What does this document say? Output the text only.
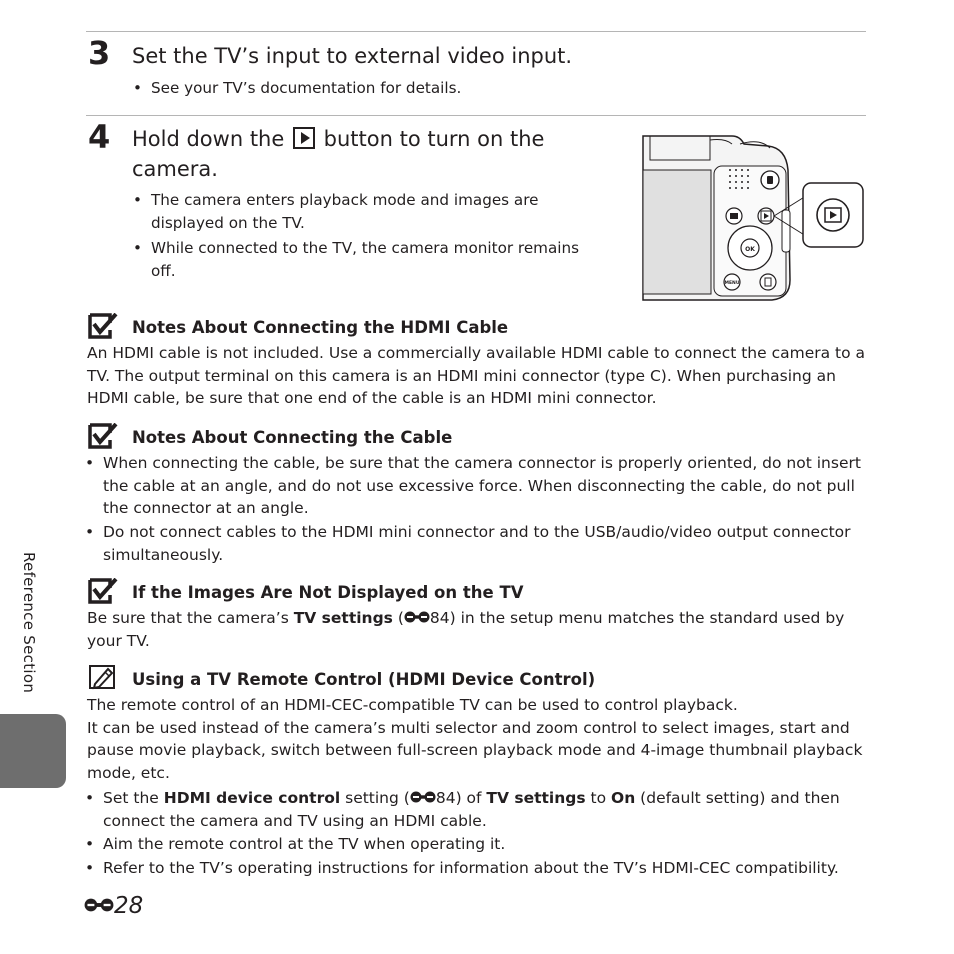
3 Set the TV’s input to external video input.
• See your TV’s documentation for details.
4 Hold down the button to turn on the
camera.
• The camera enters playback mode and images are
displayed on the TV.
• While connected to the TV, the camera monitor remains
off.
OK
MENU
Notes About Connecting the HDMI Cable
An HDMI cable is not included. Use a commercially available HDMI cable to connect the camera to a
TV. The output terminal on this camera is an HDMI mini connector (type C). When purchasing an
HDMI cable, be sure that one end of the cable is an HDMI mini connector.
Notes About Connecting the Cable
• When connecting the cable, be sure that the camera connector is properly oriented, do not insert
the cable at an angle, and do not use excessive force. When disconnecting the cable, do not pull
the connector at an angle.
• Do not connect cables to the HDMI mini connector and to the USB/audio/video output connector
simultaneously.
If the Images Are Not Displayed on the TV
Be sure that the camera’s TV settings ( 84) in the setup menu matches the standard used by
your TV.
Using a TV Remote Control (HDMI Device Control)
The remote control of an HDMI-CEC-compatible TV can be used to control playback.
It can be used instead of the camera’s multi selector and zoom control to select images, start and
pause movie playback, switch between full-screen playback mode and 4-image thumbnail playback
mode, etc.
• Set the HDMI device control setting ( 84) of TV settings to On (default setting) and then
connect the camera and TV using an HDMI cable.
• Aim the remote control at the TV when operating it.
• Refer to the TV’s operating instructions for information about the TV’s HDMI-CEC compatibility.
Reference Section
28
